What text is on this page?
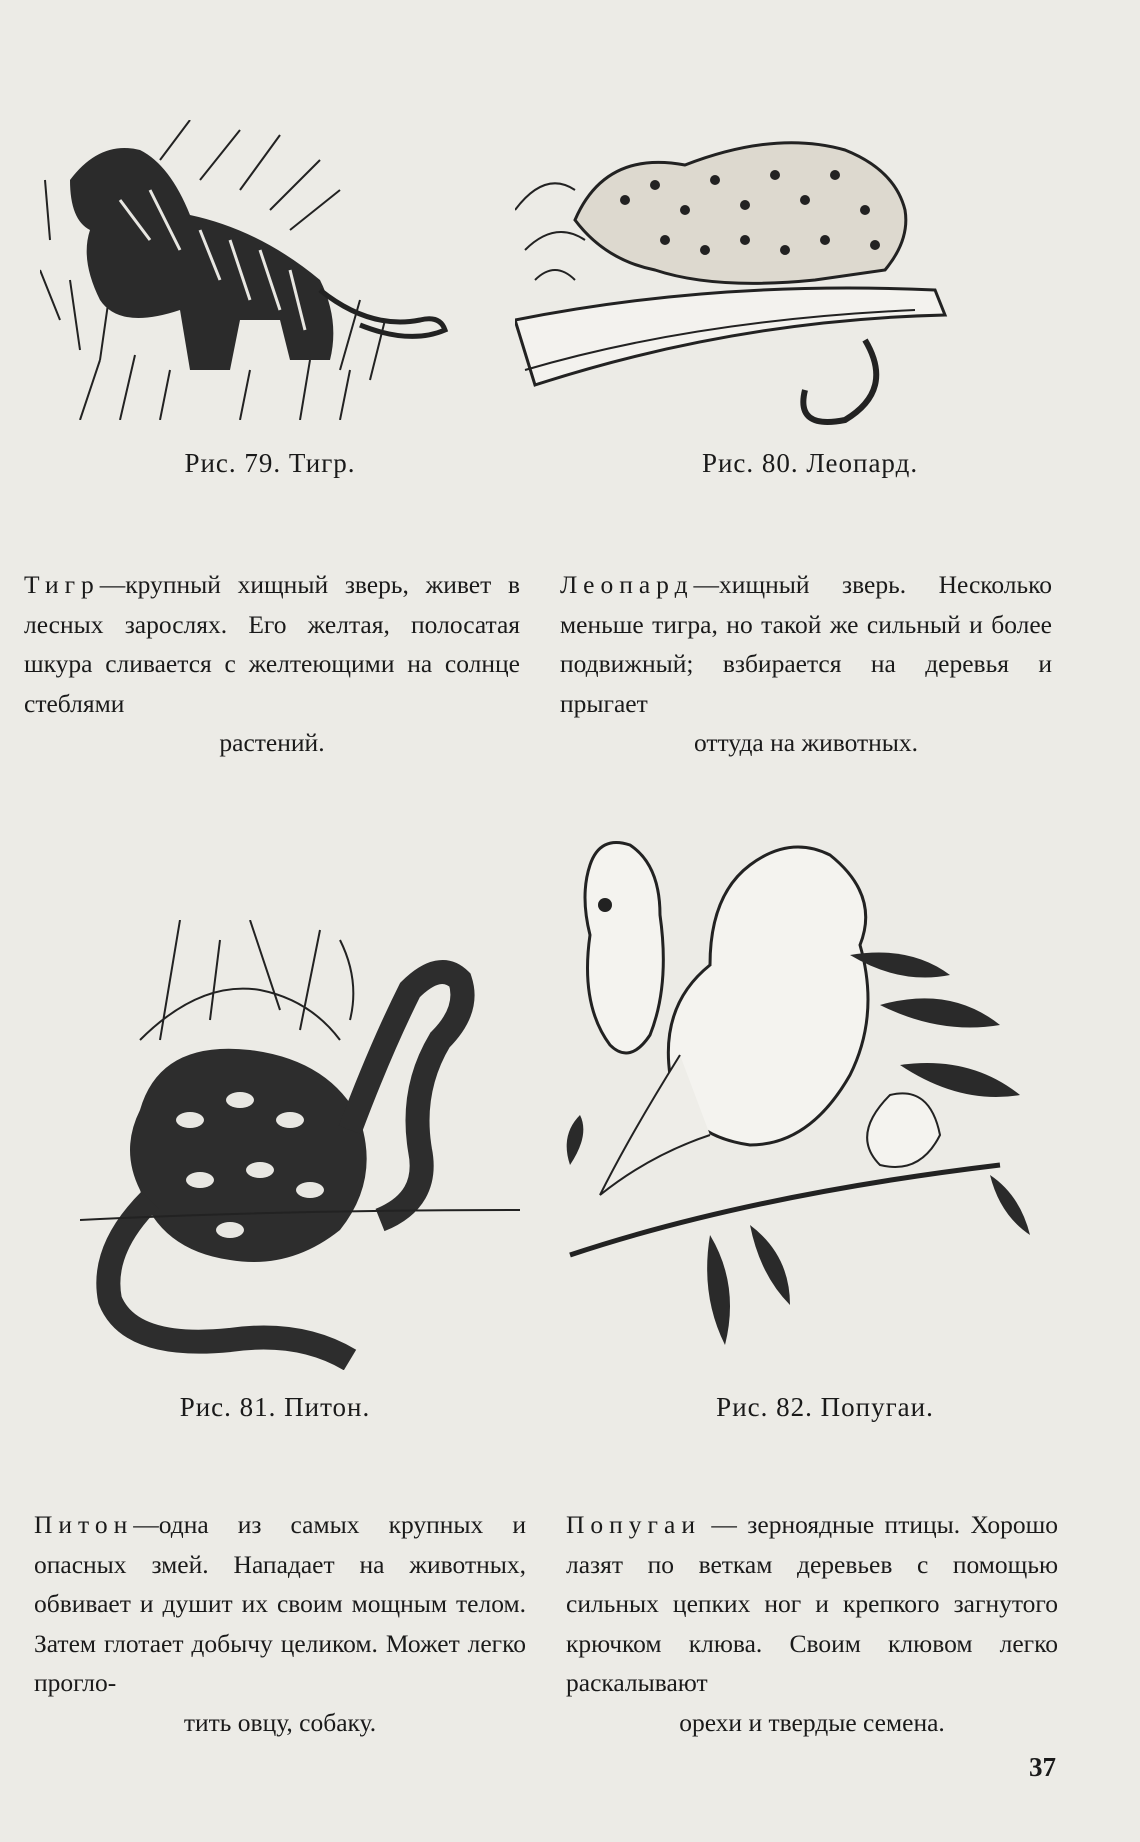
Рис. 79. Тигр.	Рис. 80. Леопард.

Тигр—крупный хищный зверь, живет в лесных зарослях. Его желтая, полосатая шкура сливается с желтеющими на солнце стеблями
растений.

Леопард—хищный зверь. Несколько меньше тигра, но такой же сильный и более подвижный; взбирается на деревья и прыгает
оттуда на животных.

Рис. 81. Питон.	Рис. 82. Попугаи.

Питон—одна из самых крупных и опасных змей. Нападает на животных, обвивает и душит их своим мощным телом. Затем глотает добычу целиком. Может легко прогло-
тить овцу, собаку.

Попугаи — зерноядные птицы. Хорошо лазят по веткам деревьев с помощью сильных цепких ног и крепкого загнутого крючком клюва. Своим клювом легко раскалывают
орехи и твердые семена.

37
